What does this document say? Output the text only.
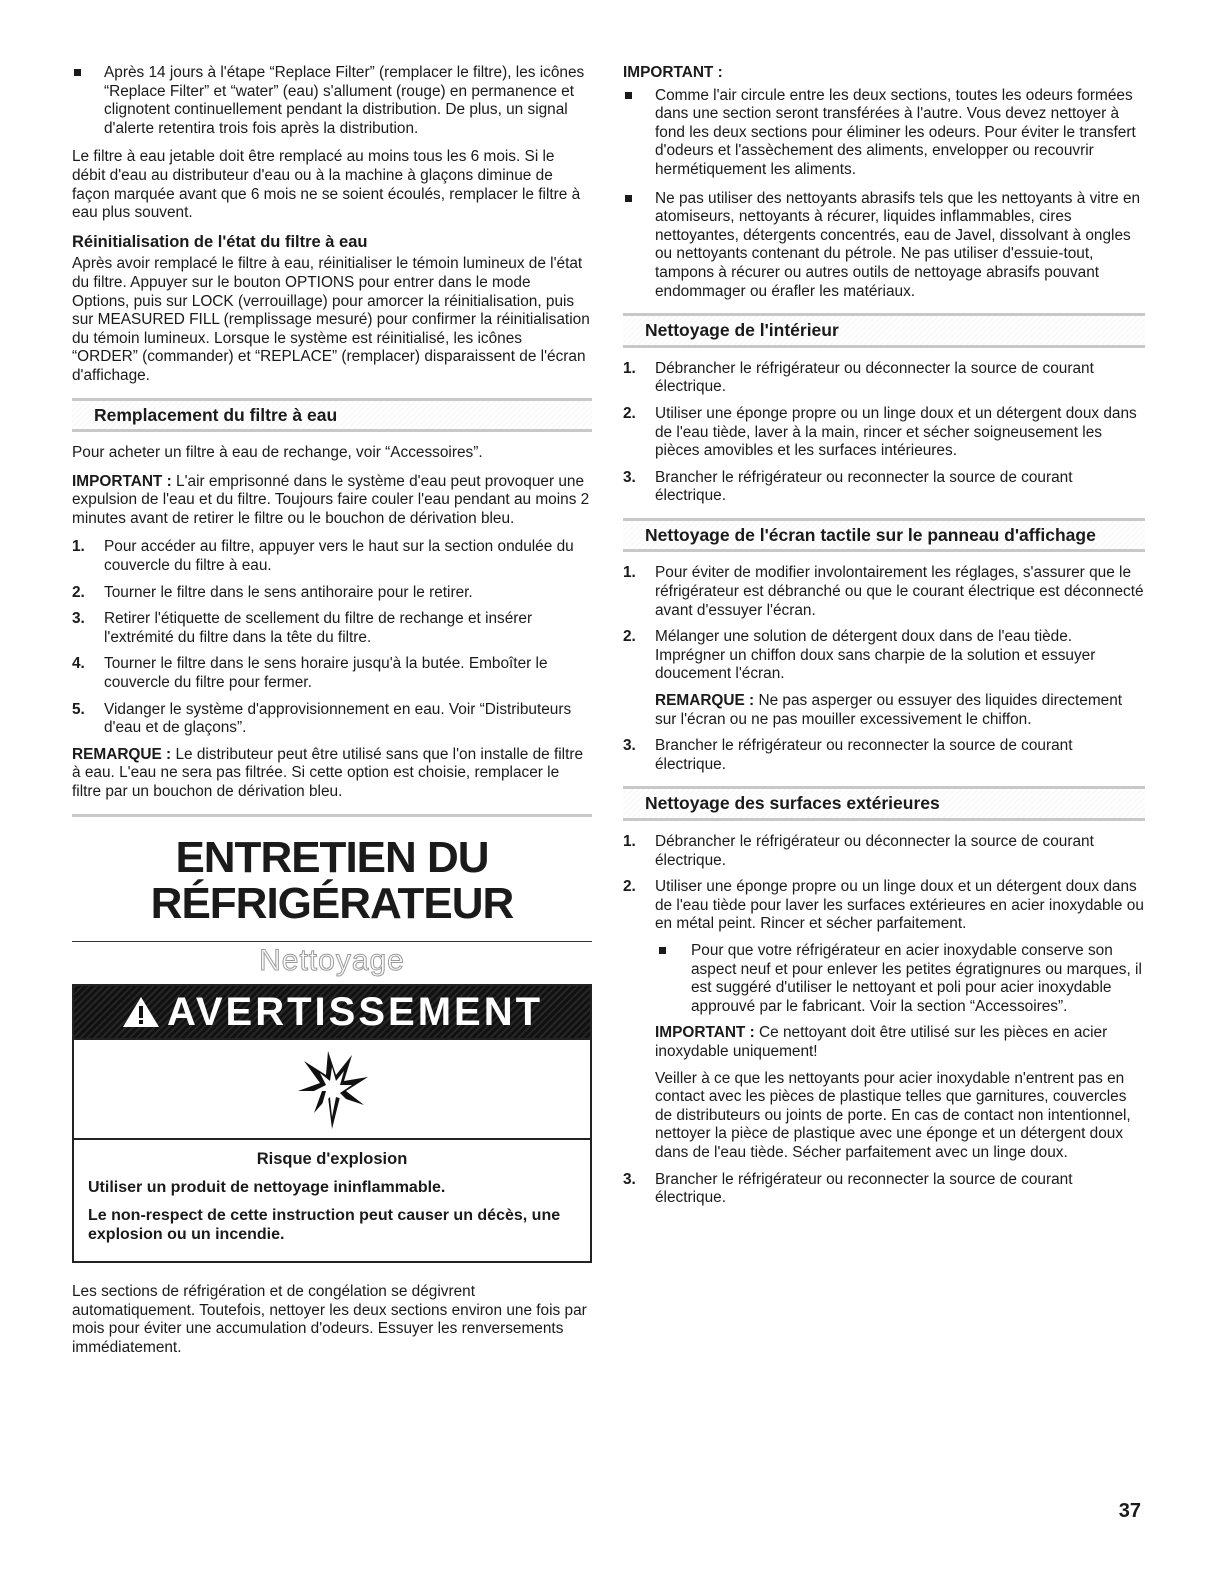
Après 14 jours à l'étape “Replace Filter” (remplacer le filtre), les icônes “Replace Filter” et “water” (eau) s'allument (rouge) en permanence et clignotent continuellement pendant la distribution. De plus, un signal d'alerte retentira trois fois après la distribution.

Le filtre à eau jetable doit être remplacé au moins tous les 6 mois. Si le débit d'eau au distributeur d'eau ou à la machine à glaçons diminue de façon marquée avant que 6 mois ne se soient écoulés, remplacer le filtre à eau plus souvent.

Réinitialisation de l'état du filtre à eau

Après avoir remplacé le filtre à eau, réinitialiser le témoin lumineux de l'état du filtre. Appuyer sur le bouton OPTIONS pour entrer dans le mode Options, puis sur LOCK (verrouillage) pour amorcer la réinitialisation, puis sur MEASURED FILL (remplissage mesuré) pour confirmer la réinitialisation du témoin lumineux. Lorsque le système est réinitialisé, les icônes “ORDER” (commander) et “REPLACE” (remplacer) disparaissent de l'écran d'affichage.

Remplacement du filtre à eau

Pour acheter un filtre à eau de rechange, voir “Accessoires”.

IMPORTANT : L'air emprisonné dans le système d'eau peut provoquer une expulsion de l'eau et du filtre. Toujours faire couler l'eau pendant au moins 2 minutes avant de retirer le filtre ou le bouchon de dérivation bleu.

1. Pour accéder au filtre, appuyer vers le haut sur la section ondulée du couvercle du filtre à eau.
2. Tourner le filtre dans le sens antihoraire pour le retirer.
3. Retirer l'étiquette de scellement du filtre de rechange et insérer l'extrémité du filtre dans la tête du filtre.
4. Tourner le filtre dans le sens horaire jusqu'à la butée. Emboîter le couvercle du filtre pour fermer.
5. Vidanger le système d'approvisionnement en eau. Voir “Distributeurs d'eau et de glaçons”.

REMARQUE : Le distributeur peut être utilisé sans que l'on installe de filtre à eau. L'eau ne sera pas filtrée. Si cette option est choisie, remplacer le filtre par un bouchon de dérivation bleu.

ENTRETIEN DU
RÉFRIGÉRATEUR
Nettoyage
AVERTISSEMENT

Risque d'explosion

Utiliser un produit de nettoyage ininflammable.

Le non-respect de cette instruction peut causer un décès, une explosion ou un incendie.

Les sections de réfrigération et de congélation se dégivrent automatiquement. Toutefois, nettoyer les deux sections environ une fois par mois pour éviter une accumulation d'odeurs. Essuyer les renversements immédiatement.

IMPORTANT :
Comme l'air circule entre les deux sections, toutes les odeurs formées dans une section seront transférées à l'autre. Vous devez nettoyer à fond les deux sections pour éliminer les odeurs. Pour éviter le transfert d'odeurs et l'assèchement des aliments, envelopper ou recouvrir hermétiquement les aliments.
Ne pas utiliser des nettoyants abrasifs tels que les nettoyants à vitre en atomiseurs, nettoyants à récurer, liquides inflammables, cires nettoyantes, détergents concentrés, eau de Javel, dissolvant à ongles ou nettoyants contenant du pétrole. Ne pas utiliser d'essuie-tout, tampons à récurer ou autres outils de nettoyage abrasifs pouvant endommager ou érafler les matériaux.
Nettoyage de l'intérieur
1. Débrancher le réfrigérateur ou déconnecter la source de courant électrique.
2. Utiliser une éponge propre ou un linge doux et un détergent doux dans de l'eau tiède, laver à la main, rincer et sécher soigneusement les pièces amovibles et les surfaces intérieures.
3. Brancher le réfrigérateur ou reconnecter la source de courant électrique.
Nettoyage de l'écran tactile sur le panneau d'affichage
1. Pour éviter de modifier involontairement les réglages, s'assurer que le réfrigérateur est débranché ou que le courant électrique est déconnecté avant d'essuyer l'écran.
2. Mélanger une solution de détergent doux dans de l'eau tiède. Imprégner un chiffon doux sans charpie de la solution et essuyer doucement l'écran.
REMARQUE : Ne pas asperger ou essuyer des liquides directement sur l'écran ou ne pas mouiller excessivement le chiffon.
3. Brancher le réfrigérateur ou reconnecter la source de courant électrique.
Nettoyage des surfaces extérieures
1. Débrancher le réfrigérateur ou déconnecter la source de courant électrique.
2. Utiliser une éponge propre ou un linge doux et un détergent doux dans de l'eau tiède pour laver les surfaces extérieures en acier inoxydable ou en métal peint. Rincer et sécher parfaitement.
Pour que votre réfrigérateur en acier inoxydable conserve son aspect neuf et pour enlever les petites égratignures ou marques, il est suggéré d'utiliser le nettoyant et poli pour acier inoxydable approuvé par le fabricant. Voir la section “Accessoires”.
IMPORTANT : Ce nettoyant doit être utilisé sur les pièces en acier inoxydable uniquement!
Veiller à ce que les nettoyants pour acier inoxydable n'entrent pas en contact avec les pièces de plastique telles que garnitures, couvercles de distributeurs ou joints de porte. En cas de contact non intentionnel, nettoyer la pièce de plastique avec une éponge et un détergent doux dans de l'eau tiède. Sécher parfaitement avec un linge doux.
3. Brancher le réfrigérateur ou reconnecter la source de courant électrique.
37
